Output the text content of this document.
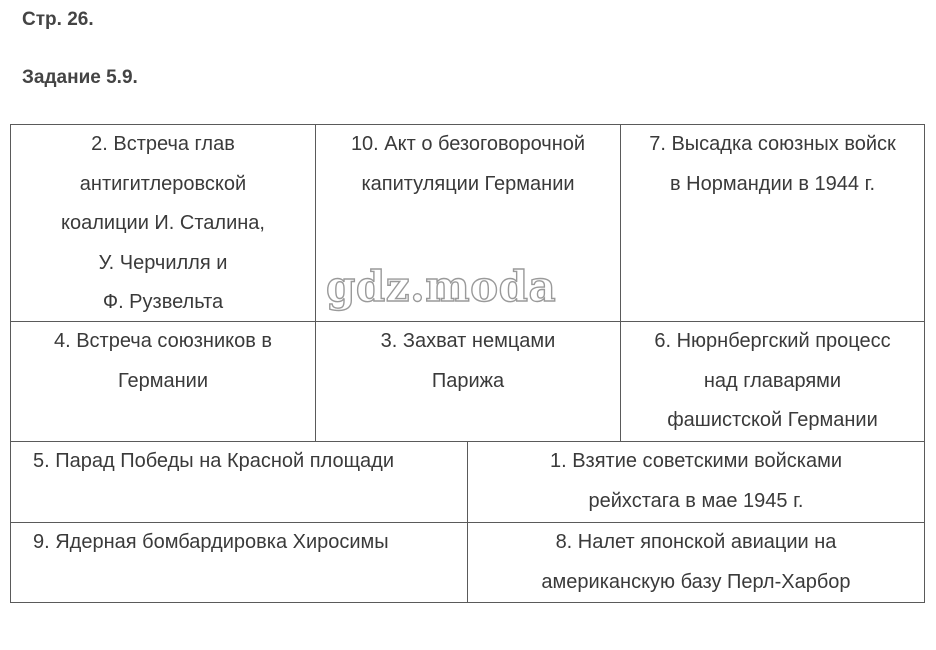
Стр. 26.
Задание 5.9.
2. Встреча глав
антигитлеровской
коалиции И. Сталина,
У. Черчилля и
Ф. Рузвельта
10. Акт о безоговорочной
капитуляции Германии
7. Высадка союзных войск
в Нормандии в 1944 г.
4. Встреча союзников в
Германии
3. Захват немцами
Парижа
6. Нюрнбергский процесс
над главарями
фашистской Германии
5. Парад Победы на Красной площади	1. Взятие советскими войсками
рейхстага в мае 1945 г.
9. Ядерная бомбардировка Хиросимы	8. Налет японской авиации на
американскую базу Перл-Харбор
gdz.moda
